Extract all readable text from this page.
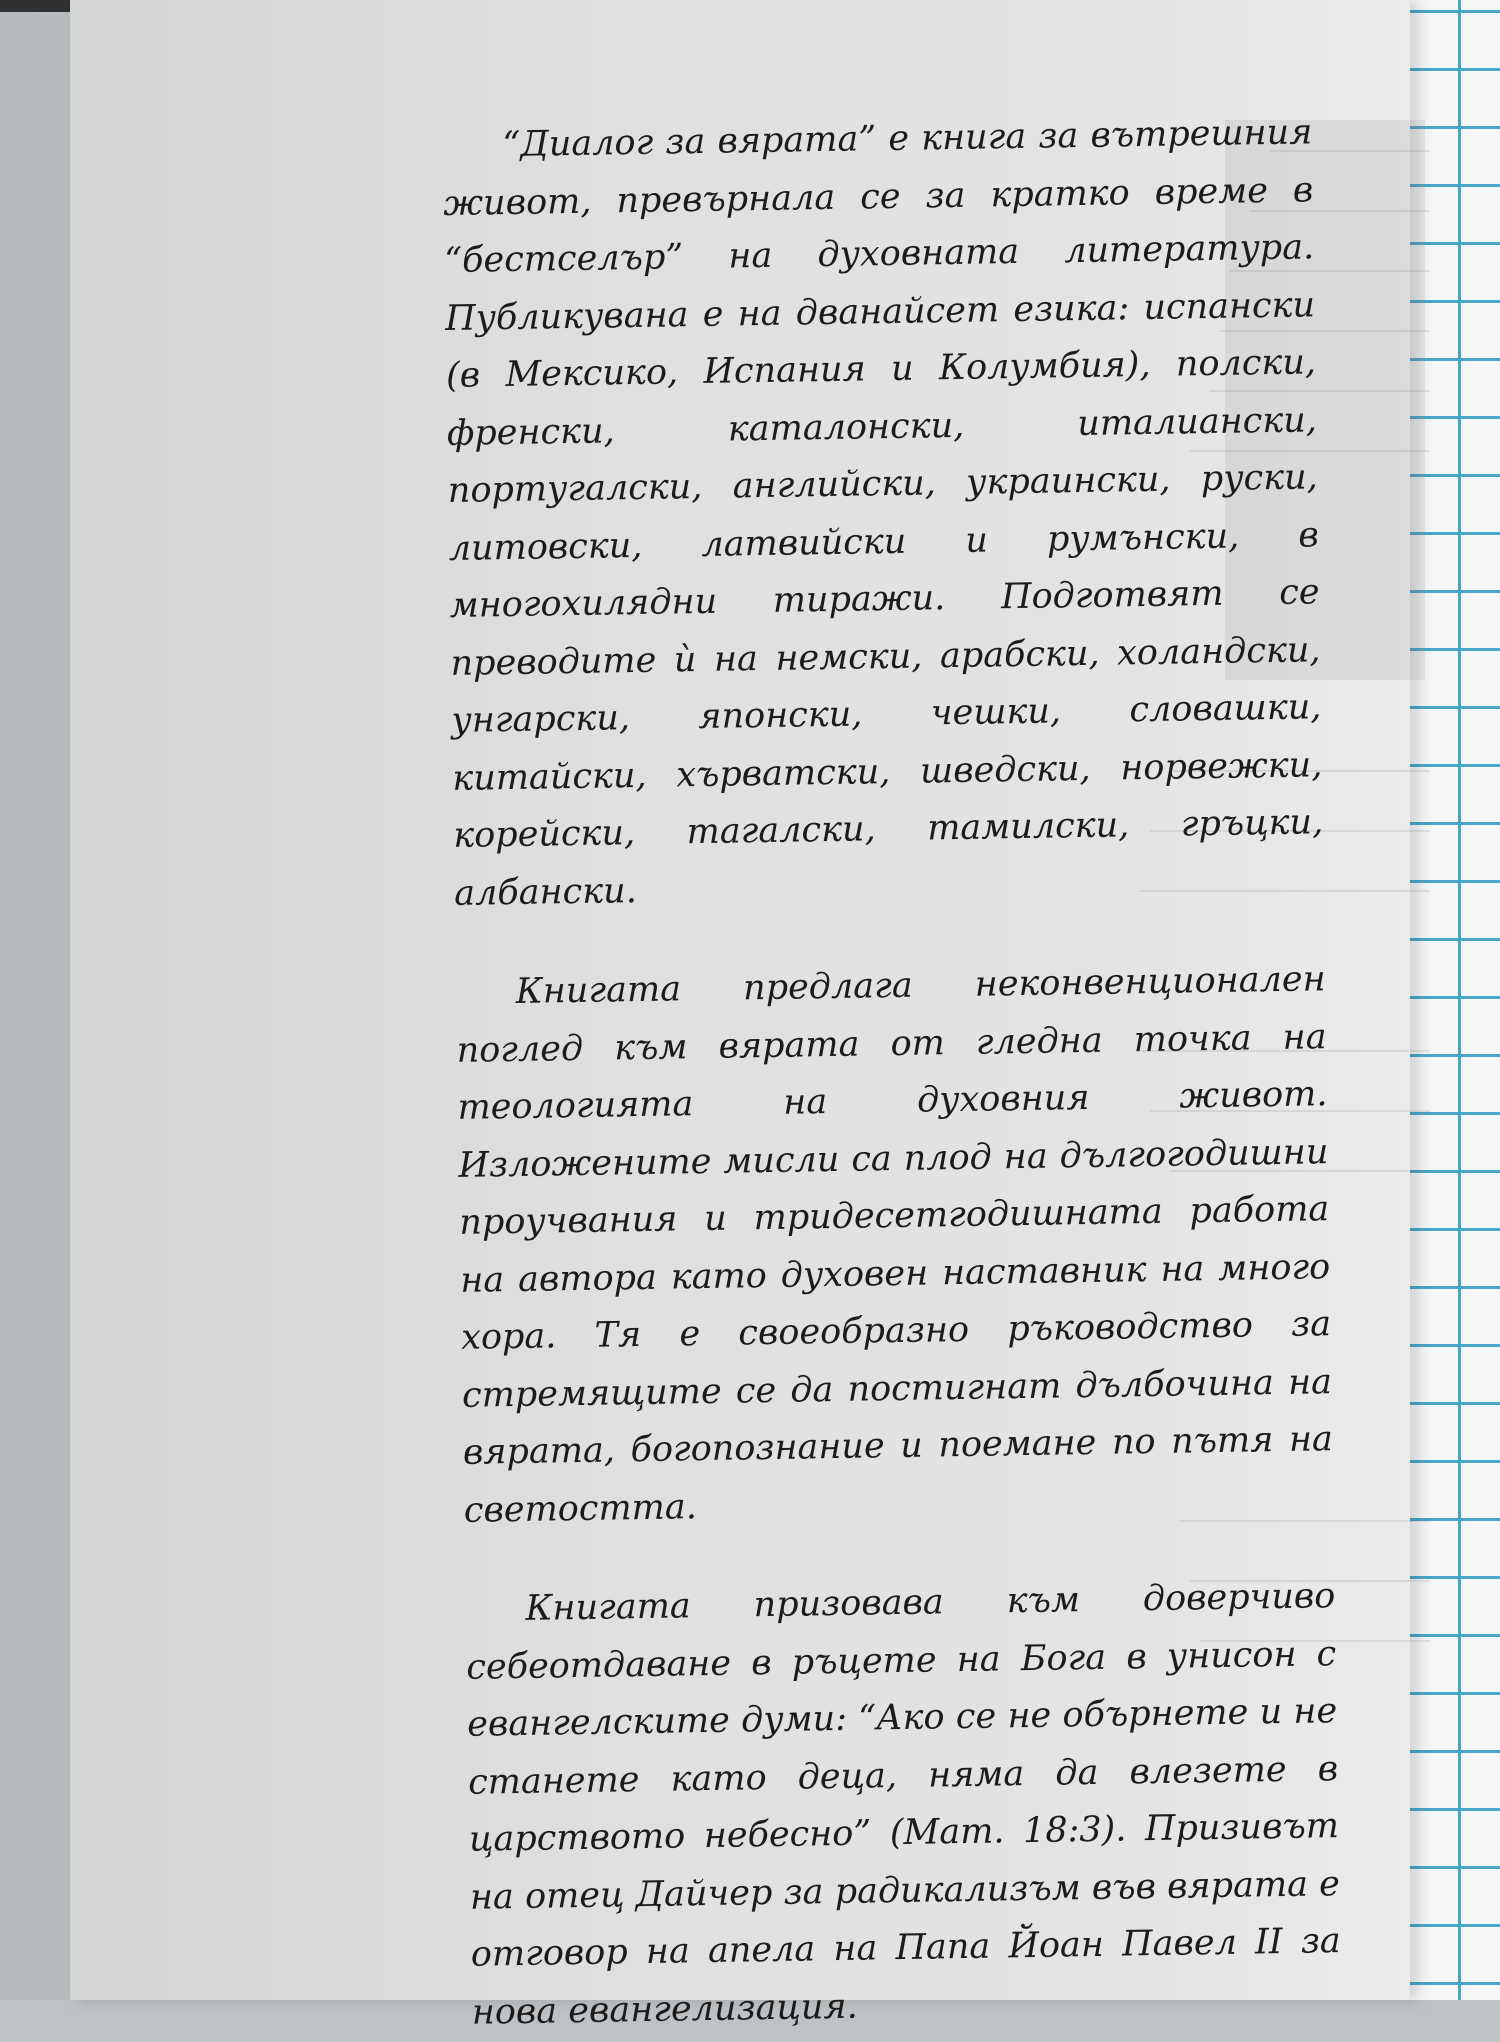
“Диалог за вярата” е книга за вътрешния живот, превърнала се за кратко време в “бестселър” на духовната литература. Публикувана е на дванайсет езика: испански (в Мексико, Испания и Колумбия), полски, френски, каталонски, италиански, португалски, английски, украински, руски, литовски, латвийски и румънски, в многохилядни тиражи. Подготвят се преводите ѝ на немски, арабски, холандски, унгарски, японски, чешки, словашки, китайски, хърватски, шведски, норвежки, корейски, тагалски, тамилски, гръцки, албански.

Книгата предлага неконвенционален поглед към вярата от гледна точка на теологията на духовния живот. Изложените мисли са плод на дългогодишни проучвания и тридесетгодишната работа на автора като духовен наставник на много хора. Тя е своеобразно ръководство за стремящите се да постигнат дълбочина на вярата, богопознание и поемане по пътя на светостта.

Книгата призовава към доверчиво себеотдаване в ръцете на Бога в унисон с евангелските думи: “Ако се не обърнете и не станете като деца, няма да влезете в царството небесно” (Мат. 18:3). Призивът на отец Дайчер за радикализъм във вярата е отговор на апела на Папа Йоан Павел II за нова евангелизация.
